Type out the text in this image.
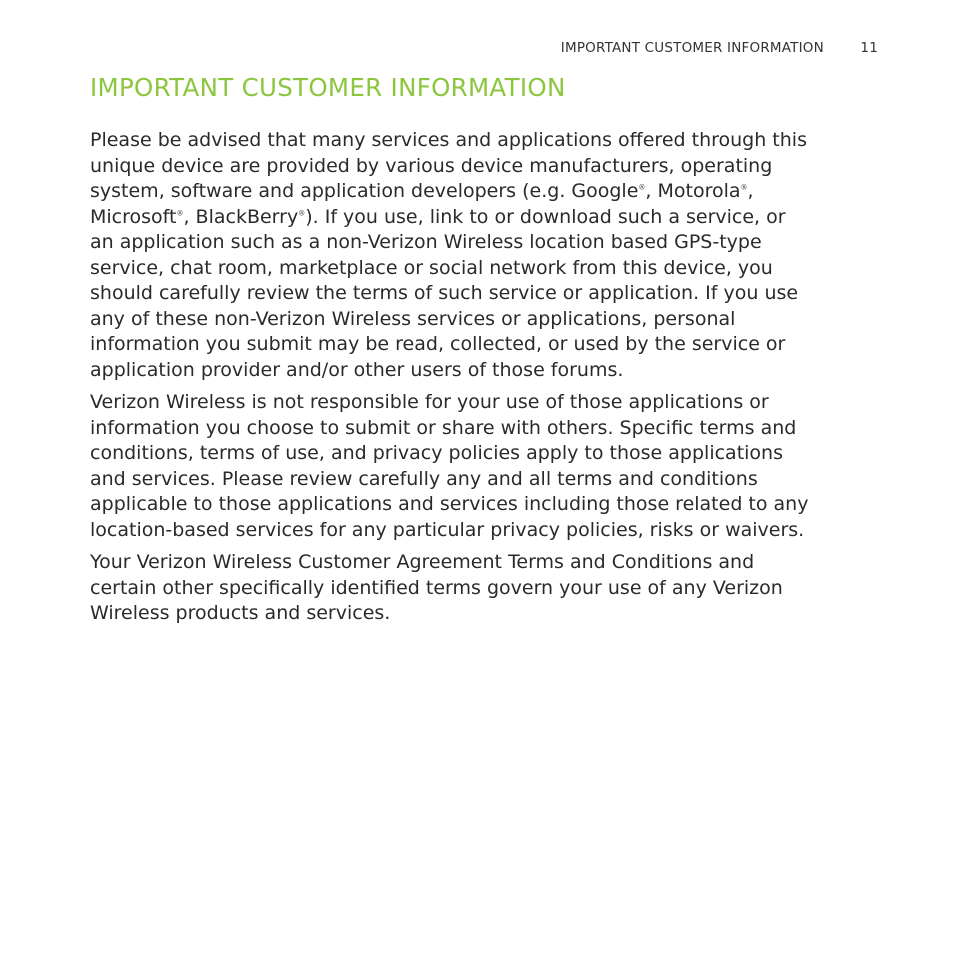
IMPORTANT CUSTOMER INFORMATION	11
IMPORTANT CUSTOMER INFORMATION

Please be advised that many services and applications offered through this
unique device are provided by various device manufacturers, operating
system, software and application developers (e.g. Google®, Motorola®,
Microsoft®, BlackBerry®). If you use, link to or download such a service, or
an application such as a non-Verizon Wireless location based GPS-type
service, chat room, marketplace or social network from this device, you
should carefully review the terms of such service or application. If you use
any of these non-Verizon Wireless services or applications, personal
information you submit may be read, collected, or used by the service or
application provider and/or other users of those forums.

Verizon Wireless is not responsible for your use of those applications or
information you choose to submit or share with others. Specific terms and
conditions, terms of use, and privacy policies apply to those applications
and services. Please review carefully any and all terms and conditions
applicable to those applications and services including those related to any
location-based services for any particular privacy policies, risks or waivers.

Your Verizon Wireless Customer Agreement Terms and Conditions and
certain other specifically identified terms govern your use of any Verizon
Wireless products and services.
